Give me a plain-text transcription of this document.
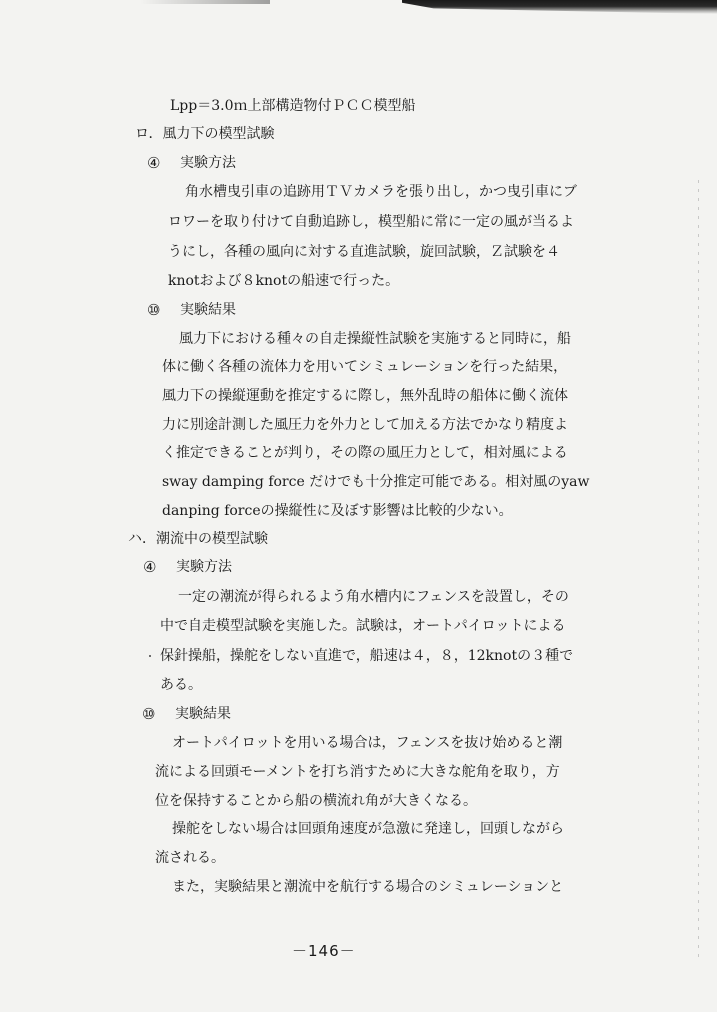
Lpp＝3.0ｍ上部構造物付ＰＣＣ模型船
ロ．風力下の模型試験
④ 実験方法
角水槽曳引車の追跡用ＴＶカメラを張り出し，かつ曳引車にブ
ロワーを取り付けて自動追跡し，模型船に常に一定の風が当るよ
うにし，各種の風向に対する直進試験，旋回試験，Ｚ試験を４
knotおよび８knotの船速で行った。
⑩ 実験結果
風力下における種々の自走操縦性試験を実施すると同時に，船
体に働く各種の流体力を用いてシミュレーションを行った結果，
風力下の操縦運動を推定するに際し，無外乱時の船体に働く流体
力に別途計測した風圧力を外力として加える方法でかなり精度よ
く推定できることが判り，その際の風圧力として，相対風による
sway damping force だけでも十分推定可能である。相対風のyaw
danping forceの操縦性に及ぼす影響は比較的少ない。
ハ．潮流中の模型試験
④ 実験方法
一定の潮流が得られるよう角水槽内にフェンスを設置し，その
中で自走模型試験を実施した。試験は，オートパイロットによる
保針操船，操舵をしない直進で，船速は４，８，12knotの３種で
ある。
⑩ 実験結果
オートパイロットを用いる場合は，フェンスを抜け始めると潮
流による回頭モーメントを打ち消すために大きな舵角を取り，方
位を保持することから船の横流れ角が大きくなる。
操舵をしない場合は回頭角速度が急激に発達し，回頭しながら
流される。
また，実験結果と潮流中を航行する場合のシミュレーションと
－146－
